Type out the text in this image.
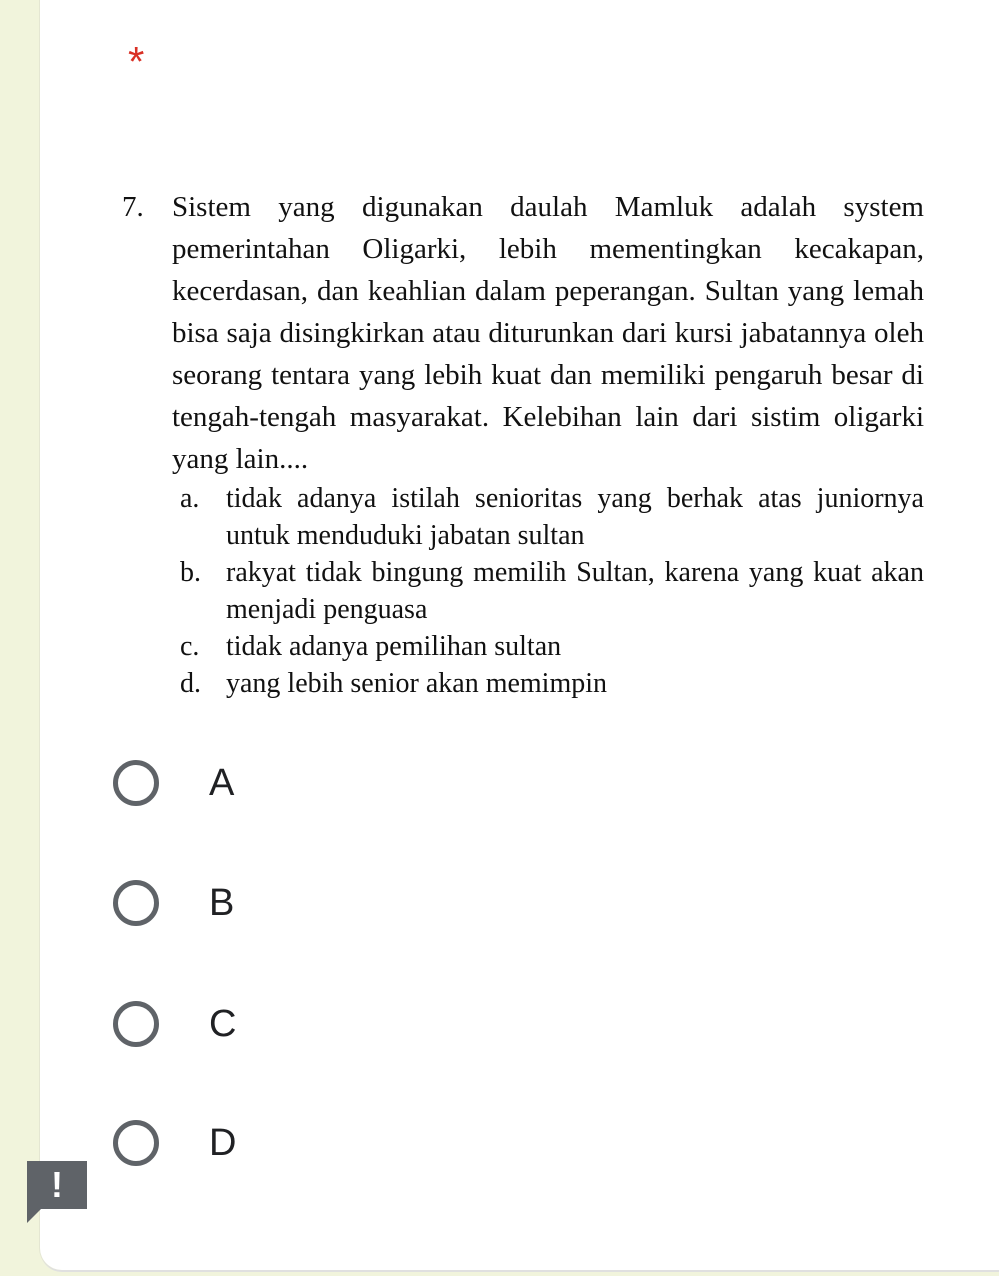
*
7. Sistem yang digunakan daulah Mamluk adalah system pemerintahan Oligarki, lebih mementingkan kecakapan, kecerdasan, dan keahlian dalam peperangan. Sultan yang lemah bisa saja disingkirkan atau diturunkan dari kursi jabatannya oleh seorang tentara yang lebih kuat dan memiliki pengaruh besar di tengah-tengah masyarakat. Kelebihan lain dari sistim oligarki yang lain....
a. tidak adanya istilah senioritas yang berhak atas juniornya untuk menduduki jabatan sultan
b. rakyat tidak bingung memilih Sultan, karena yang kuat akan menjadi penguasa
c. tidak adanya pemilihan sultan
d. yang lebih senior akan memimpin
A
B
C
D
!
